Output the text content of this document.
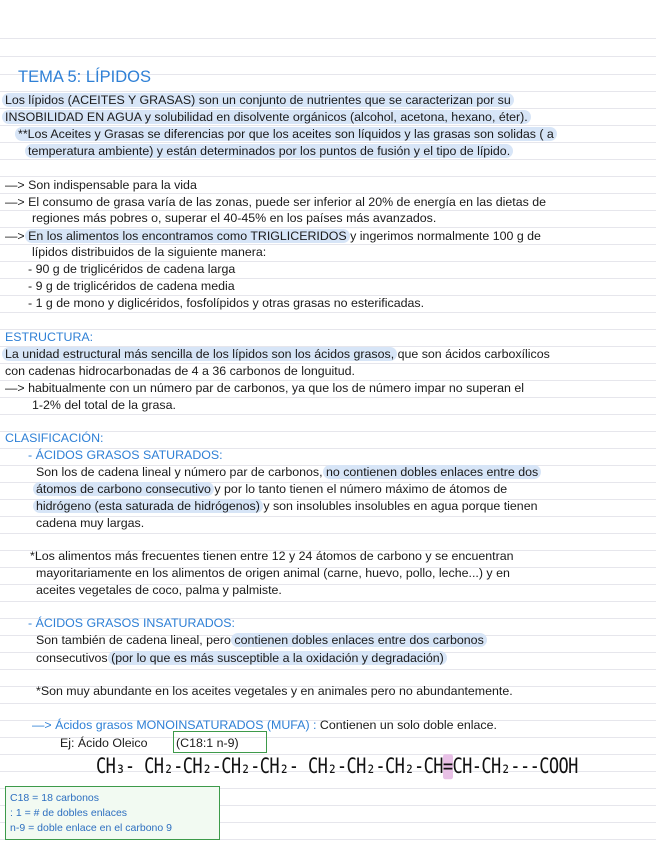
TEMA 5: LÍPIDOS
Los lípidos (ACEITES Y GRASAS) son un conjunto de nutrientes que se caracterizan por su
INSOBILIDAD EN AGUA y solubilidad en disolvente orgánicos (alcohol, acetona, hexano, éter).
**Los Aceites y Grasas se diferencias por que los aceites son líquidos y las grasas son solidas ( a
temperatura ambiente) y están determinados por los puntos de fusión y el tipo de lípido.
—> Son indispensable para la vida
—> El consumo de grasa varía de las zonas, puede ser inferior al 20% de energía en las dietas de
regiones más pobres o, superar el 40-45% en los países más avanzados.
—> En los alimentos los encontramos como TRIGLICERIDOS y ingerimos normalmente 100 g de
lípidos distribuidos de la siguiente manera:
- 90 g de triglicéridos de cadena larga
- 9 g de triglicéridos de cadena media
- 1 g de mono y diglicéridos, fosfolípidos y otras grasas no esterificadas.
ESTRUCTURA:
La unidad estructural más sencilla de los lípidos son los ácidos grasos, que son ácidos carboxílicos
con cadenas hidrocarbonadas de 4 a 36 carbonos de longuitud.
—> habitualmente con un número par de carbonos, ya que los de número impar no superan el
1-2% del total de la grasa.
CLASIFICACIÓN:
- ÁCIDOS GRASOS SATURADOS:
Son los de cadena lineal y número par de carbonos, no contienen dobles enlaces entre dos
átomos de carbono consecutivo y por lo tanto tienen el número máximo de átomos de
hidrógeno (esta saturada de hidrógenos) y son insolubles insolubles en agua porque tienen
cadena muy largas.
*Los alimentos más frecuentes tienen entre 12 y 24 átomos de carbono y se encuentran
mayoritariamente en los alimentos de origen animal (carne, huevo, pollo, leche...) y en
aceites vegetales de coco, palma y palmiste.
- ÁCIDOS GRASOS INSATURADOS:
Son también de cadena lineal, pero contienen dobles enlaces entre dos carbonos
consecutivos (por lo que es más susceptible a la oxidación y degradación)
*Son muy abundante en los aceites vegetales y en animales pero no abundantemente.
—> Ácidos grasos MONOINSATURADOS (MUFA) : Contienen un solo doble enlace.
Ej: Ácido Oleico (C18:1 n-9)
CH₃- CH₂-CH₂-CH₂-CH₂- CH₂-CH₂-CH₂-CH=CH-CH₂---COOH
C18 = 18 carbonos
: 1 = # de dobles enlaces
n-9 = doble enlace en el carbono 9
